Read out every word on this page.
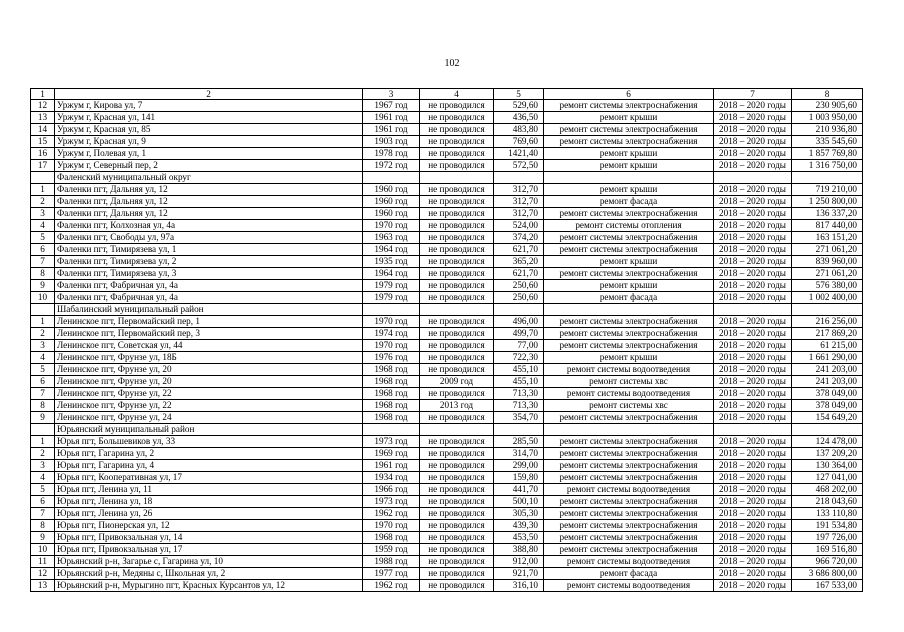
102
1	2	3	4	5	6	7	8
12	Уржум г, Кирова ул, 7	1967 год	не проводился	529,60	ремонт системы электроснабжения	2018 – 2020 годы	230 905,60
13	Уржум г, Красная ул, 141	1961 год	не проводился	436,50	ремонт крыши	2018 – 2020 годы	1 003 950,00
14	Уржум г, Красная ул, 85	1961 год	не проводился	483,80	ремонт системы электроснабжения	2018 – 2020 годы	210 936,80
15	Уржум г, Красная ул, 9	1903 год	не проводился	769,60	ремонт системы электроснабжения	2018 – 2020 годы	335 545,60
16	Уржум г, Полевая ул, 1	1978 год	не проводился	1421,40	ремонт крыши	2018 – 2020 годы	1 857 769,80
17	Уржум г, Северный пер, 2	1972 год	не проводился	572,50	ремонт крыши	2018 – 2020 годы	1 316 750,00
	Фаленский муниципальный округ						
1	Фаленки пгт, Дальняя ул, 12	1960 год	не проводился	312,70	ремонт крыши	2018 – 2020 годы	719 210,00
2	Фаленки пгт, Дальняя ул, 12	1960 год	не проводился	312,70	ремонт фасада	2018 – 2020 годы	1 250 800,00
3	Фаленки пгт, Дальняя ул, 12	1960 год	не проводился	312,70	ремонт системы электроснабжения	2018 – 2020 годы	136 337,20
4	Фаленки пгт, Колхозная ул, 4а	1970 год	не проводился	524,00	ремонт системы отопления	2018 – 2020 годы	817 440,00
5	Фаленки пгт, Свободы ул, 97а	1963 год	не проводился	374,20	ремонт системы электроснабжения	2018 – 2020 годы	163 151,20
6	Фаленки пгт, Тимирязева ул, 1	1964 год	не проводился	621,70	ремонт системы электроснабжения	2018 – 2020 годы	271 061,20
7	Фаленки пгт, Тимирязева ул, 2	1935 год	не проводился	365,20	ремонт крыши	2018 – 2020 годы	839 960,00
8	Фаленки пгт, Тимирязева ул, 3	1964 год	не проводился	621,70	ремонт системы электроснабжения	2018 – 2020 годы	271 061,20
9	Фаленки пгт, Фабричная ул, 4а	1979 год	не проводился	250,60	ремонт крыши	2018 – 2020 годы	576 380,00
10	Фаленки пгт, Фабричная ул, 4а	1979 год	не проводился	250,60	ремонт фасада	2018 – 2020 годы	1 002 400,00
	Шабалинский муниципальный район						
1	Ленинское пгт, Первомайский пер, 1	1970 год	не проводился	496,00	ремонт системы электроснабжения	2018 – 2020 годы	216 256,00
2	Ленинское пгт, Первомайский пер, 3	1974 год	не проводился	499,70	ремонт системы электроснабжения	2018 – 2020 годы	217 869,20
3	Ленинское пгт, Советская ул, 44	1970 год	не проводился	77,00	ремонт системы электроснабжения	2018 – 2020 годы	61 215,00
4	Ленинское пгт, Фрунзе ул, 18Б	1976 год	не проводился	722,30	ремонт крыши	2018 – 2020 годы	1 661 290,00
5	Ленинское пгт, Фрунзе ул, 20	1968 год	не проводился	455,10	ремонт системы водоотведения	2018 – 2020 годы	241 203,00
6	Ленинское пгт, Фрунзе ул, 20	1968 год	2009 год	455,10	ремонт системы хвс	2018 – 2020 годы	241 203,00
7	Ленинское пгт, Фрунзе ул, 22	1968 год	не проводился	713,30	ремонт системы водоотведения	2018 – 2020 годы	378 049,00
8	Ленинское пгт, Фрунзе ул, 22	1968 год	2013 год	713,30	ремонт системы хвс	2018 – 2020 годы	378 049,00
9	Ленинское пгт, Фрунзе ул, 24	1968 год	не проводился	354,70	ремонт системы электроснабжения	2018 – 2020 годы	154 649,20
	Юрьянский муниципальный район						
1	Юрья пгт, Большевиков ул, 33	1973 год	не проводился	285,50	ремонт системы электроснабжения	2018 – 2020 годы	124 478,00
2	Юрья пгт, Гагарина ул, 2	1969 год	не проводился	314,70	ремонт системы электроснабжения	2018 – 2020 годы	137 209,20
3	Юрья пгт, Гагарина ул, 4	1961 год	не проводился	299,00	ремонт системы электроснабжения	2018 – 2020 годы	130 364,00
4	Юрья пгт, Кооперативная ул, 17	1934 год	не проводился	159,80	ремонт системы электроснабжения	2018 – 2020 годы	127 041,00
5	Юрья пгт, Ленина ул, 11	1966 год	не проводился	441,70	ремонт системы водоотведения	2018 – 2020 годы	468 202,00
6	Юрья пгт, Ленина ул, 18	1973 год	не проводился	500,10	ремонт системы электроснабжения	2018 – 2020 годы	218 043,60
7	Юрья пгт, Ленина ул, 26	1962 год	не проводился	305,30	ремонт системы электроснабжения	2018 – 2020 годы	133 110,80
8	Юрья пгт, Пионерская ул, 12	1970 год	не проводился	439,30	ремонт системы электроснабжения	2018 – 2020 годы	191 534,80
9	Юрья пгт, Привокзальная ул, 14	1968 год	не проводился	453,50	ремонт системы электроснабжения	2018 – 2020 годы	197 726,00
10	Юрья пгт, Привокзальная ул, 17	1959 год	не проводился	388,80	ремонт системы электроснабжения	2018 – 2020 годы	169 516,80
11	Юрьянский р-н, Загарье с, Гагарина ул, 10	1988 год	не проводился	912,00	ремонт системы водоотведения	2018 – 2020 годы	966 720,00
12	Юрьянский р-н, Медяны с, Школьная ул, 2	1977 год	не проводился	921,70	ремонт фасада	2018 – 2020 годы	3 686 800,00
13	Юрьянский р-н, Мурыгино пгт, Красных Курсантов ул, 12	1962 год	не проводился	316,10	ремонт системы водоотведения	2018 – 2020 годы	167 533,00
